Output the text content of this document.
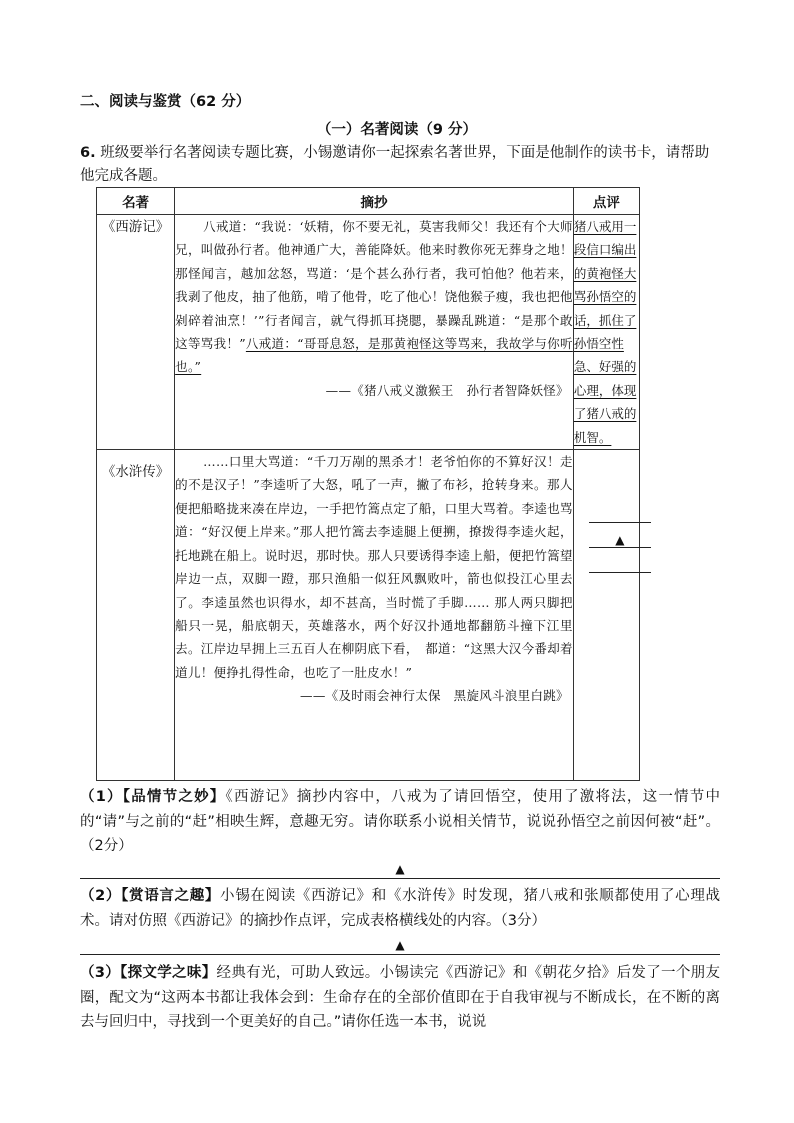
二、阅读与鉴赏（62 分）
（一）名著阅读（9 分）
6. 班级要举行名著阅读专题比赛，小锡邀请你一起探索名著世界，下面是他制作的读书卡，请帮助他完成各题。
名著	摘抄	点评
《西游记》	八戒道：“我说：‘妖精，你不要无礼，莫害我师父！我还有个大师兄，叫做孙行者。他神通广大，善能降妖。他来时教你死无葬身之地！那怪闻言，越加忿怒，骂道：‘是个甚么孙行者，我可怕他？他若来，我剥了他皮，抽了他筋，啃了他骨，吃了他心！饶他猴子瘦，我也把他剁碎着油烹！’”行者闻言，就气得抓耳挠腮，暴躁乱跳道：“是那个敢这等骂我！”八戒道：“哥哥息怒，是那黄袍怪这等骂来，我故学与你听也。”
——《猪八戒义激猴王　孙行者智降妖怪》	猪八戒用一段信口编出的黄袍怪大骂孙悟空的话，抓住了孙悟空性急、好强的心理，体现了猪八戒的机智。
《水浒传》	……口里大骂道：“千刀万剐的黑杀才！老爷怕你的不算好汉！走的不是汉子！”李逵听了大怒，吼了一声，撇了布衫，抢转身来。那人便把船略拢来凑在岸边，一手把竹篙点定了船，口里大骂着。李逵也骂道：“好汉便上岸来。”那人把竹篙去李逵腿上便搠，撩拨得李逵火起，托地跳在船上。说时迟，那时快。那人只要诱得李逵上船，便把竹篙望岸边一点，双脚一蹬，那只渔船一似狂风飘败叶，箭也似投江心里去了。李逵虽然也识得水，却不甚高，当时慌了手脚…… 那人两只脚把船只一晃，船底朝天，英雄落水，两个好汉扑通地都翻筋斗撞下江里去。江岸边早拥上三五百人在柳阴底下看，　都道：“这黑大汉今番却着道儿！便挣扎得性命，也吃了一肚皮水！”
——《及时雨会神行太保　黑旋风斗浪里白跳》	▲
（1）【品情节之妙】《西游记》摘抄内容中，八戒为了请回悟空，使用了激将法，这一情节中的“请”与之前的“赶”相映生辉，意趣无穷。请你联系小说相关情节，说说孙悟空之前因何被“赶”。（2分）
▲
（2）【赏语言之趣】小锡在阅读《西游记》和《水浒传》时发现，猪八戒和张顺都使用了心理战术。请对仿照《西游记》的摘抄作点评，完成表格横线处的内容。（3分）
▲
（3）【探文学之味】经典有光，可助人致远。小锡读完《西游记》和《朝花夕拾》后发了一个朋友圈，配文为“这两本书都让我体会到：生命存在的全部价值即在于自我审视与不断成长，在不断的离去与回归中，寻找到一个更美好的自己。”请你任选一本书，说说
